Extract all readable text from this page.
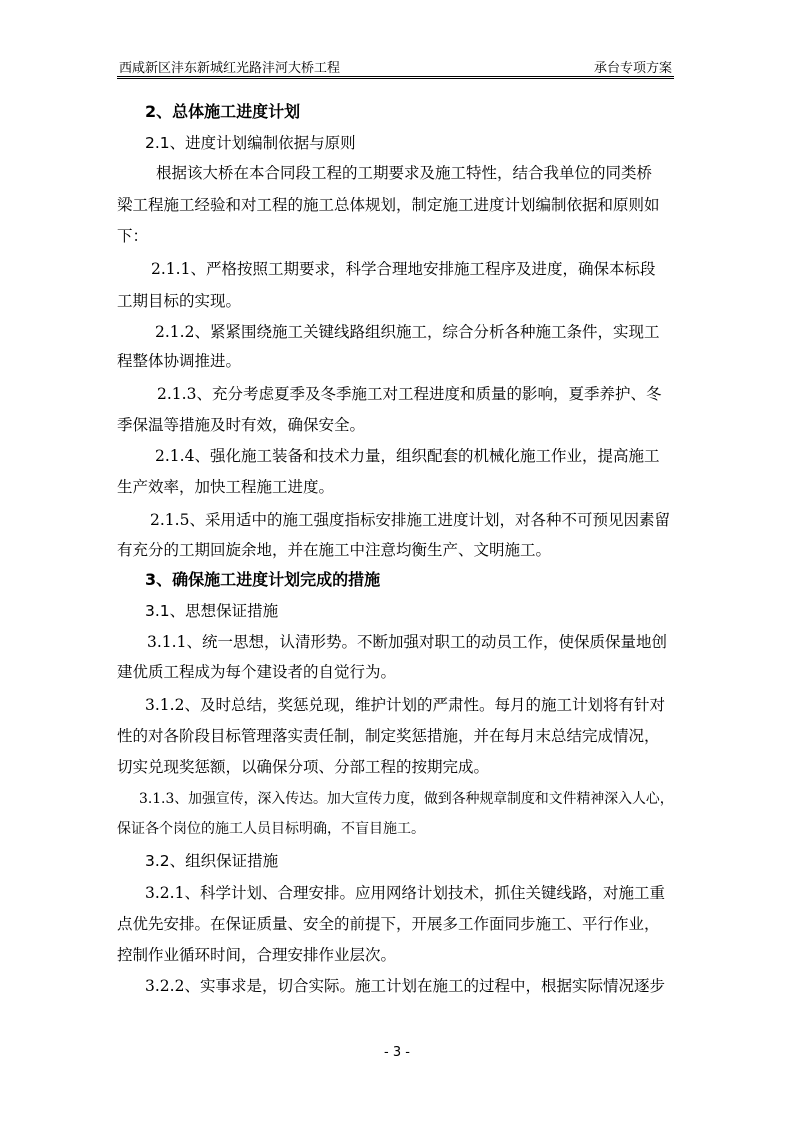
西咸新区沣东新城红光路沣河大桥工程	承台专项方案
2、总体施工进度计划
2.1、进度计划编制依据与原则
根据该大桥在本合同段工程的工期要求及施工特性，结合我单位的同类桥
梁工程施工经验和对工程的施工总体规划，制定施工进度计划编制依据和原则如
下：
2.1.1、严格按照工期要求，科学合理地安排施工程序及进度，确保本标段
工期目标的实现。
2.1.2、紧紧围绕施工关键线路组织施工，综合分析各种施工条件，实现工
程整体协调推进。
2.1.3、充分考虑夏季及冬季施工对工程进度和质量的影响，夏季养护、冬
季保温等措施及时有效，确保安全。
2.1.4、强化施工装备和技术力量，组织配套的机械化施工作业，提高施工
生产效率，加快工程施工进度。
2.1.5、采用适中的施工强度指标安排施工进度计划，对各种不可预见因素留
有充分的工期回旋余地，并在施工中注意均衡生产、文明施工。
3、确保施工进度计划完成的措施
3.1、思想保证措施
3.1.1、统一思想，认清形势。不断加强对职工的动员工作，使保质保量地创
建优质工程成为每个建设者的自觉行为。
3.1.2、及时总结，奖惩兑现，维护计划的严肃性。每月的施工计划将有针对
性的对各阶段目标管理落实责任制，制定奖惩措施，并在每月末总结完成情况，
切实兑现奖惩额，以确保分项、分部工程的按期完成。
3.1.3、加强宣传，深入传达。加大宣传力度，做到各种规章制度和文件精神深入人心，
保证各个岗位的施工人员目标明确，不盲目施工。
3.2、组织保证措施
3.2.1、科学计划、合理安排。应用网络计划技术，抓住关键线路，对施工重
点优先安排。在保证质量、安全的前提下，开展多工作面同步施工、平行作业，
控制作业循环时间，合理安排作业层次。
3.2.2、实事求是，切合实际。施工计划在施工的过程中，根据实际情况逐步
- 3 -
